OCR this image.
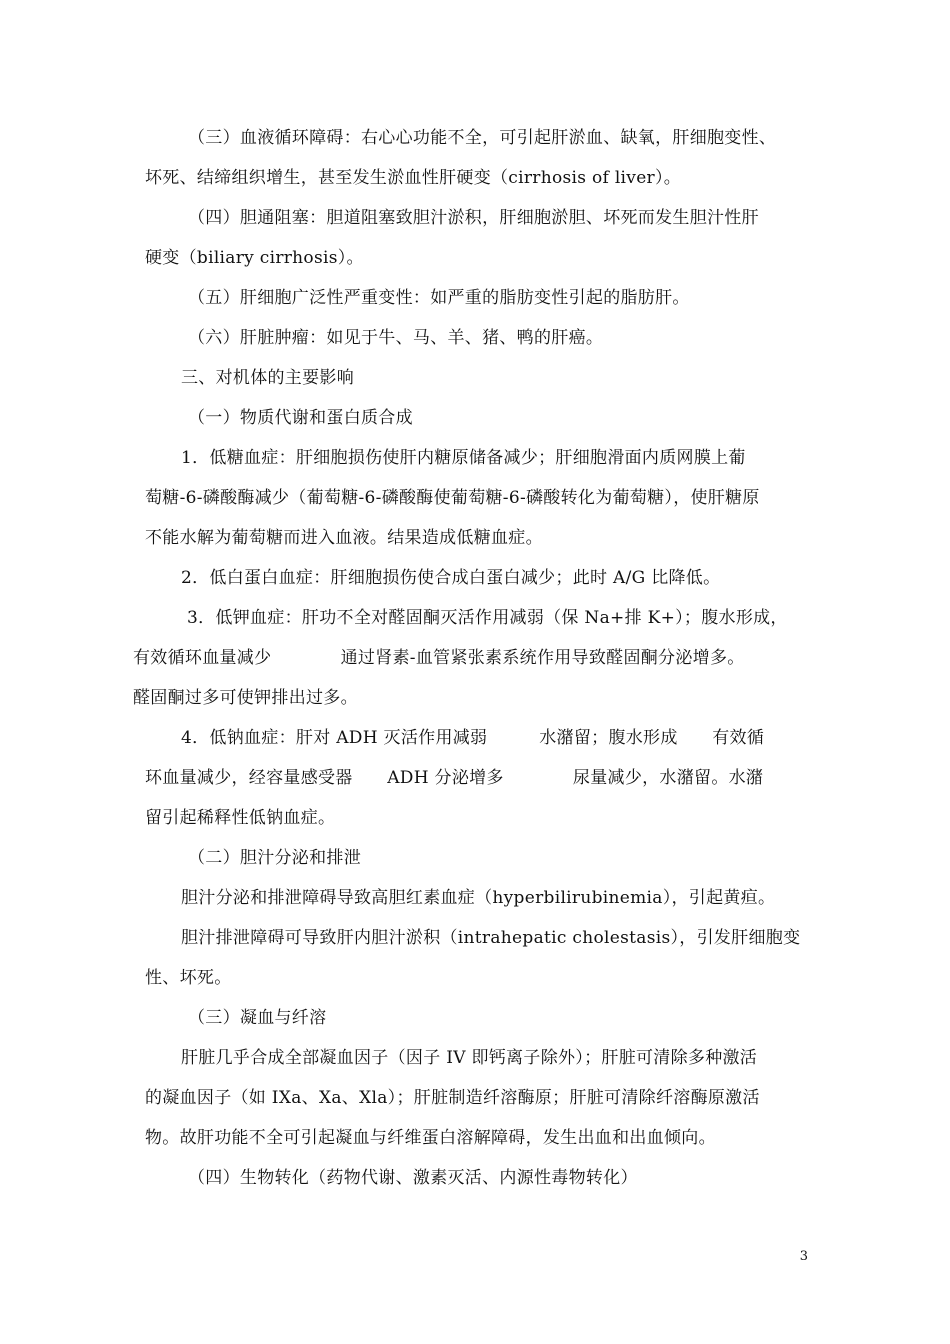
（三）血液循环障碍：右心心功能不全，可引起肝淤血、缺氧，肝细胞变性、
坏死、结缔组织增生，甚至发生淤血性肝硬变（cirrhosis of liver）。
（四）胆通阻塞：胆道阻塞致胆汁淤积，肝细胞淤胆、坏死而发生胆汁性肝
硬变（biliary cirrhosis）。
（五）肝细胞广泛性严重变性：如严重的脂肪变性引起的脂肪肝。
（六）肝脏肿瘤：如见于牛、马、羊、猪、鸭的肝癌。
三、对机体的主要影响
（一）物质代谢和蛋白质合成
1．低糖血症：肝细胞损伤使肝内糖原储备减少；肝细胞滑面内质网膜上葡
萄糖-6-磷酸酶减少（葡萄糖-6-磷酸酶使葡萄糖-6-磷酸转化为葡萄糖），使肝糖原
不能水解为葡萄糖而进入血液。结果造成低糖血症。
2．低白蛋白血症：肝细胞损伤使合成白蛋白减少；此时 A/G 比降低。
3．低钾血症：肝功不全对醛固酮灭活作用减弱（保 Na+排 K+）；腹水形成，
有效循环血量减少　　　　通过肾素-血管紧张素系统作用导致醛固酮分泌增多。
醛固酮过多可使钾排出过多。
4．低钠血症：肝对 ADH 灭活作用减弱　　　水潴留；腹水形成　　有效循
环血量减少，经容量感受器　　ADH 分泌增多　　　　尿量减少，水潴留。水潴
留引起稀释性低钠血症。
（二）胆汁分泌和排泄
胆汁分泌和排泄障碍导致高胆红素血症（hyperbilirubinemia），引起黄疸。
胆汁排泄障碍可导致肝内胆汁淤积（intrahepatic cholestasis），引发肝细胞变
性、坏死。
（三）凝血与纤溶
肝脏几乎合成全部凝血因子（因子 IV 即钙离子除外）；肝脏可清除多种激活
的凝血因子（如 IXa、Xa、Xla）；肝脏制造纤溶酶原；肝脏可清除纤溶酶原激活
物。故肝功能不全可引起凝血与纤维蛋白溶解障碍，发生出血和出血倾向。
（四）生物转化（药物代谢、激素灭活、内源性毒物转化）
3
